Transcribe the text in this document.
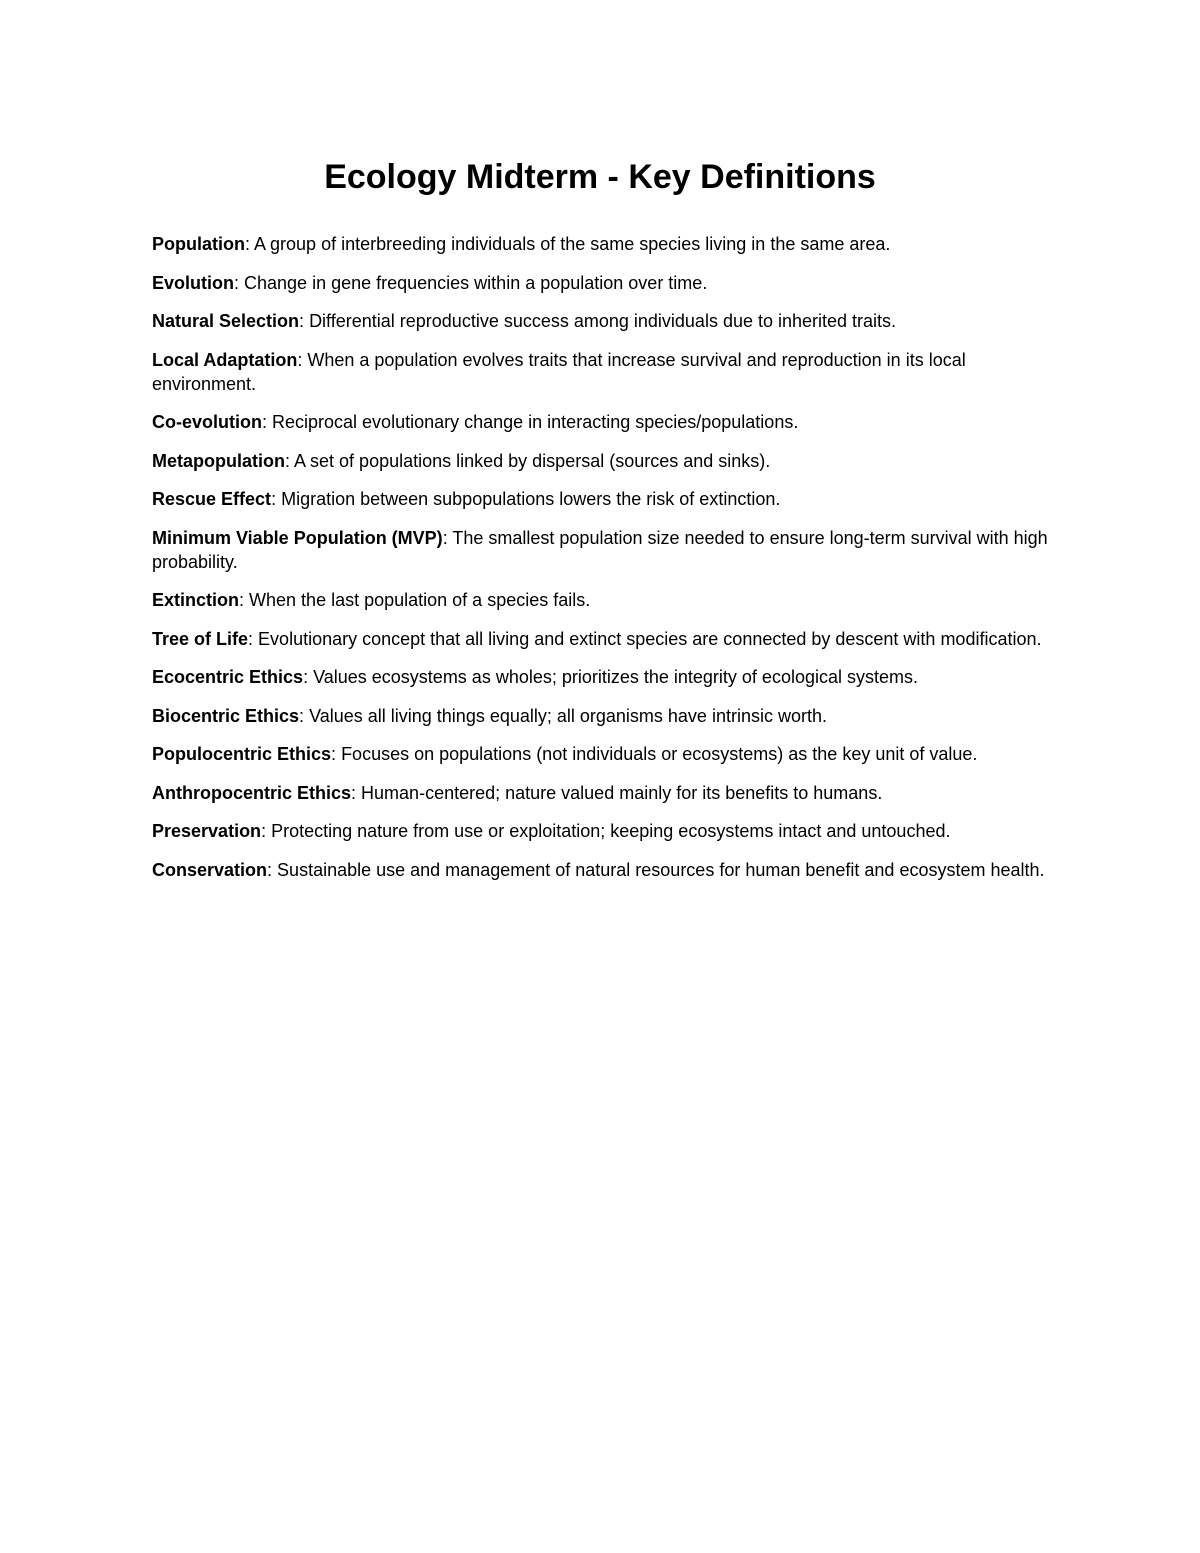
Ecology Midterm - Key Definitions
Population: A group of interbreeding individuals of the same species living in the same area.
Evolution: Change in gene frequencies within a population over time.
Natural Selection: Differential reproductive success among individuals due to inherited traits.
Local Adaptation: When a population evolves traits that increase survival and reproduction in its local environment.
Co-evolution: Reciprocal evolutionary change in interacting species/populations.
Metapopulation: A set of populations linked by dispersal (sources and sinks).
Rescue Effect: Migration between subpopulations lowers the risk of extinction.
Minimum Viable Population (MVP): The smallest population size needed to ensure long-term survival with high probability.
Extinction: When the last population of a species fails.
Tree of Life: Evolutionary concept that all living and extinct species are connected by descent with modification.
Ecocentric Ethics: Values ecosystems as wholes; prioritizes the integrity of ecological systems.
Biocentric Ethics: Values all living things equally; all organisms have intrinsic worth.
Populocentric Ethics: Focuses on populations (not individuals or ecosystems) as the key unit of value.
Anthropocentric Ethics: Human-centered; nature valued mainly for its benefits to humans.
Preservation: Protecting nature from use or exploitation; keeping ecosystems intact and untouched.
Conservation: Sustainable use and management of natural resources for human benefit and ecosystem health.
